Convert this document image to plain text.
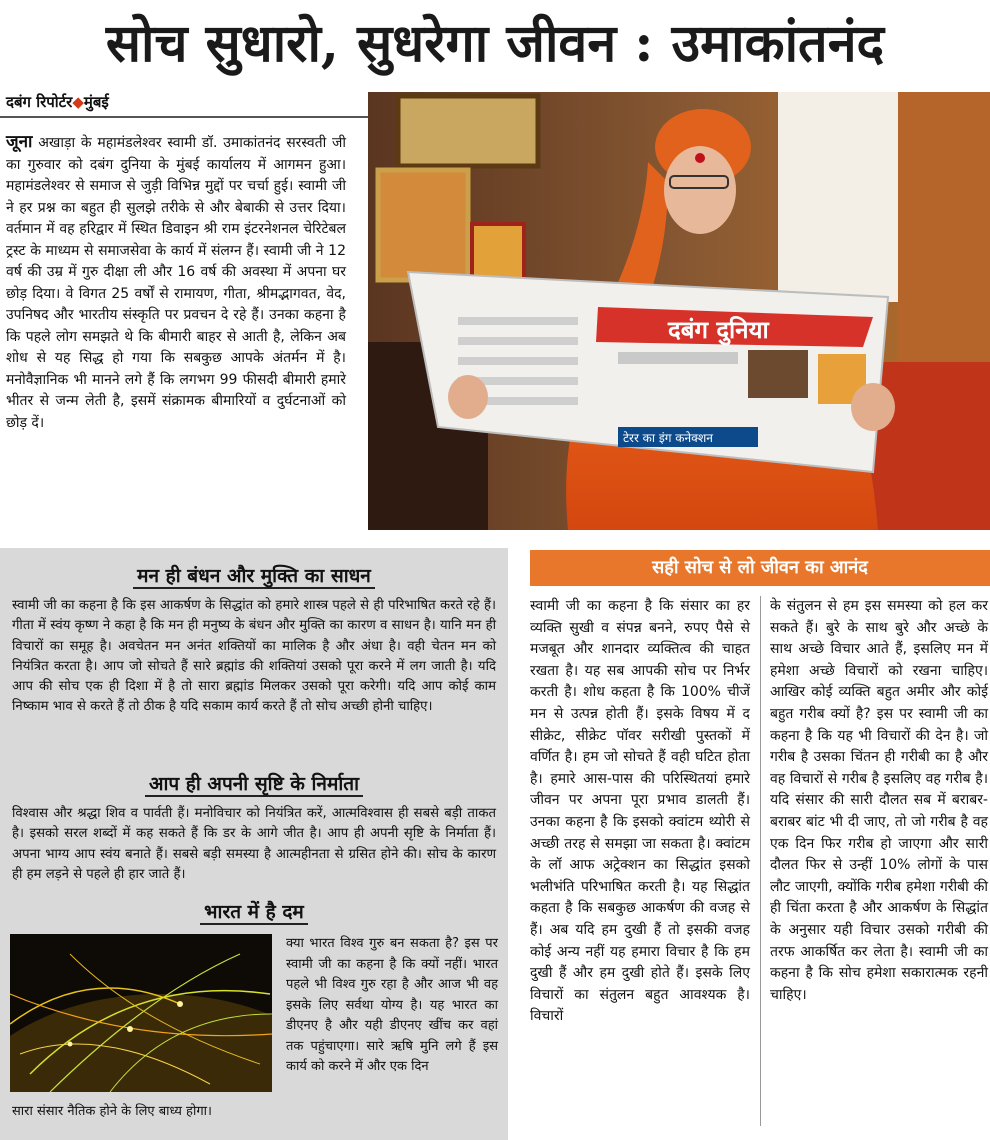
सोच सुधारो, सुधरेगा जीवन : उमाकांतनंद
दबंग रिपोर्टर◆मुंबई
जूना अखाड़ा के महामंडलेश्वर स्वामी डॉ. उमाकांतनंद सरस्वती जी का गुरुवार को दबंग दुनिया के मुंबई कार्यालय में आगमन हुआ। महामंडलेश्वर से समाज से जुड़ी विभिन्न मुद्दों पर चर्चा हुई। स्वामी जी ने हर प्रश्न का बहुत ही सुलझे तरीके से और बेबाकी से उत्तर दिया। वर्तमान में वह हरिद्वार में स्थित डिवाइन श्री राम इंटरनेशनल चेरिटेबल ट्रस्ट के माध्यम से समाजसेवा के कार्य में संलग्न हैं। स्वामी जी ने 12 वर्ष की उम्र में गुरु दीक्षा ली और 16 वर्ष की अवस्था में अपना घर छोड़ दिया। वे विगत 25 वर्षों से रामायण, गीता, श्रीमद्भागवत, वेद, उपनिषद और भारतीय संस्कृति पर प्रवचन दे रहे हैं। उनका कहना है कि पहले लोग समझते थे कि बीमारी बाहर से आती है, लेकिन अब शोध से यह सिद्ध हो गया कि सबकुछ आपके अंतर्मन में है। मनोवैज्ञानिक भी मानने लगे हैं कि लगभग 99 फीसदी बीमारी हमारे भीतर से जन्म लेती है, इसमें संक्रामक बीमारियों व दुर्घटनाओं को छोड़ दें।
दबंग दुनिया
टेरर का इंग कनेक्शन
मन ही बंधन और मुक्ति का साधन
स्वामी जी का कहना है कि इस आकर्षण के सिद्धांत को हमारे शास्त्र पहले से ही परिभाषित करते रहे हैं। गीता में स्वंय कृष्ण ने कहा है कि मन ही मनुष्य के बंधन और मुक्ति का कारण व साधन है। यानि मन ही विचारों का समूह है। अवचेतन मन अनंत शक्तियों का मालिक है और अंधा है। वही चेतन मन को नियंत्रित करता है। आप जो सोचते हैं सारे ब्रह्मांड की शक्तियां उसको पूरा करने में लग जाती है। यदि आप की सोच एक ही दिशा में है तो सारा ब्रह्मांड मिलकर उसको पूरा करेगी। यदि आप कोई काम निष्काम भाव से करते हैं तो ठीक है यदि सकाम कार्य करते हैं तो सोच अच्छी होनी चाहिए।
आप ही अपनी सृष्टि के निर्माता
विश्वास और श्रद्धा शिव व पार्वती हैं। मनोविचार को नियंत्रित करें, आत्मविश्वास ही सबसे बड़ी ताकत है। इसको सरल शब्दों में कह सकते हैं कि डर के आगे जीत है। आप ही अपनी सृष्टि के निर्माता हैं। अपना भाग्य आप स्वंय बनाते हैं। सबसे बड़ी समस्या है आत्महीनता से ग्रसित होने की। सोच के कारण ही हम लड़ने से पहले ही हार जाते हैं।
भारत में है दम
क्या भारत विश्व गुरु बन सकता है? इस पर स्वामी जी का कहना है कि क्यों नहीं। भारत पहले भी विश्व गुरु रहा है और आज भी वह इसके लिए सर्वथा योग्य है। यह भारत का डीएनए है और यही डीएनए खींच कर वहां तक पहुंचाएगा। सारे ऋषि मुनि लगे हैं इस कार्य को करने में और एक दिन
सारा संसार नैतिक होने के लिए बाध्य होगा।
सही सोच से लो जीवन का आनंद
स्वामी जी का कहना है कि संसार का हर व्यक्ति सुखी व संपन्न बनने, रुपए पैसे से मजबूत और शानदार व्यक्तित्व की चाहत रखता है। यह सब आपकी सोच पर निर्भर करती है। शोध कहता है कि 100% चीजें मन से उत्पन्न होती हैं। इसके विषय में द सीक्रेट, सीक्रेट पॉवर सरीखी पुस्तकों में वर्णित है। हम जो सोचते हैं वही घटित होता है। हमारे आस-पास की परिस्थितयां हमारे जीवन पर अपना पूरा प्रभाव डालती हैं। उनका कहना है कि इसको क्वांटम थ्योरी से अच्छी तरह से समझा जा सकता है। क्वांटम के लॉ आफ अट्रेक्शन का सिद्धांत इसको भलीभंति परिभाषित करती है। यह सिद्धांत कहता है कि सबकुछ आकर्षण की वजह से हैं। अब यदि हम दुखी हैं तो इसकी वजह कोई अन्य नहीं यह हमारा विचार है कि हम दुखी हैं और हम दुखी होते हैं। इसके लिए विचारों का संतुलन बहुत आवश्यक है। विचारों
के संतुलन से हम इस समस्या को हल कर सकते हैं। बुरे के साथ बुरे और अच्छे के साथ अच्छे विचार आते हैं, इसलिए मन में हमेशा अच्छे विचारों को रखना चाहिए। आखिर कोई व्यक्ति बहुत अमीर और कोई बहुत गरीब क्यों है? इस पर स्वामी जी का कहना है कि यह भी विचारों की देन है। जो गरीब है उसका चिंतन ही गरीबी का है और वह विचारों से गरीब है इसलिए वह गरीब है। यदि संसार की सारी दौलत सब में बराबर-बराबर बांट भी दी जाए, तो जो गरीब है वह एक दिन फिर गरीब हो जाएगा और सारी दौलत फिर से उन्हीं 10% लोगों के पास लौट जाएगी, क्योंकि गरीब हमेशा गरीबी की ही चिंता करता है और आकर्षण के सिद्धांत के अनुसार यही विचार उसको गरीबी की तरफ आकर्षित कर लेता है। स्वामी जी का कहना है कि सोच हमेशा सकारात्मक रहनी चाहिए।
